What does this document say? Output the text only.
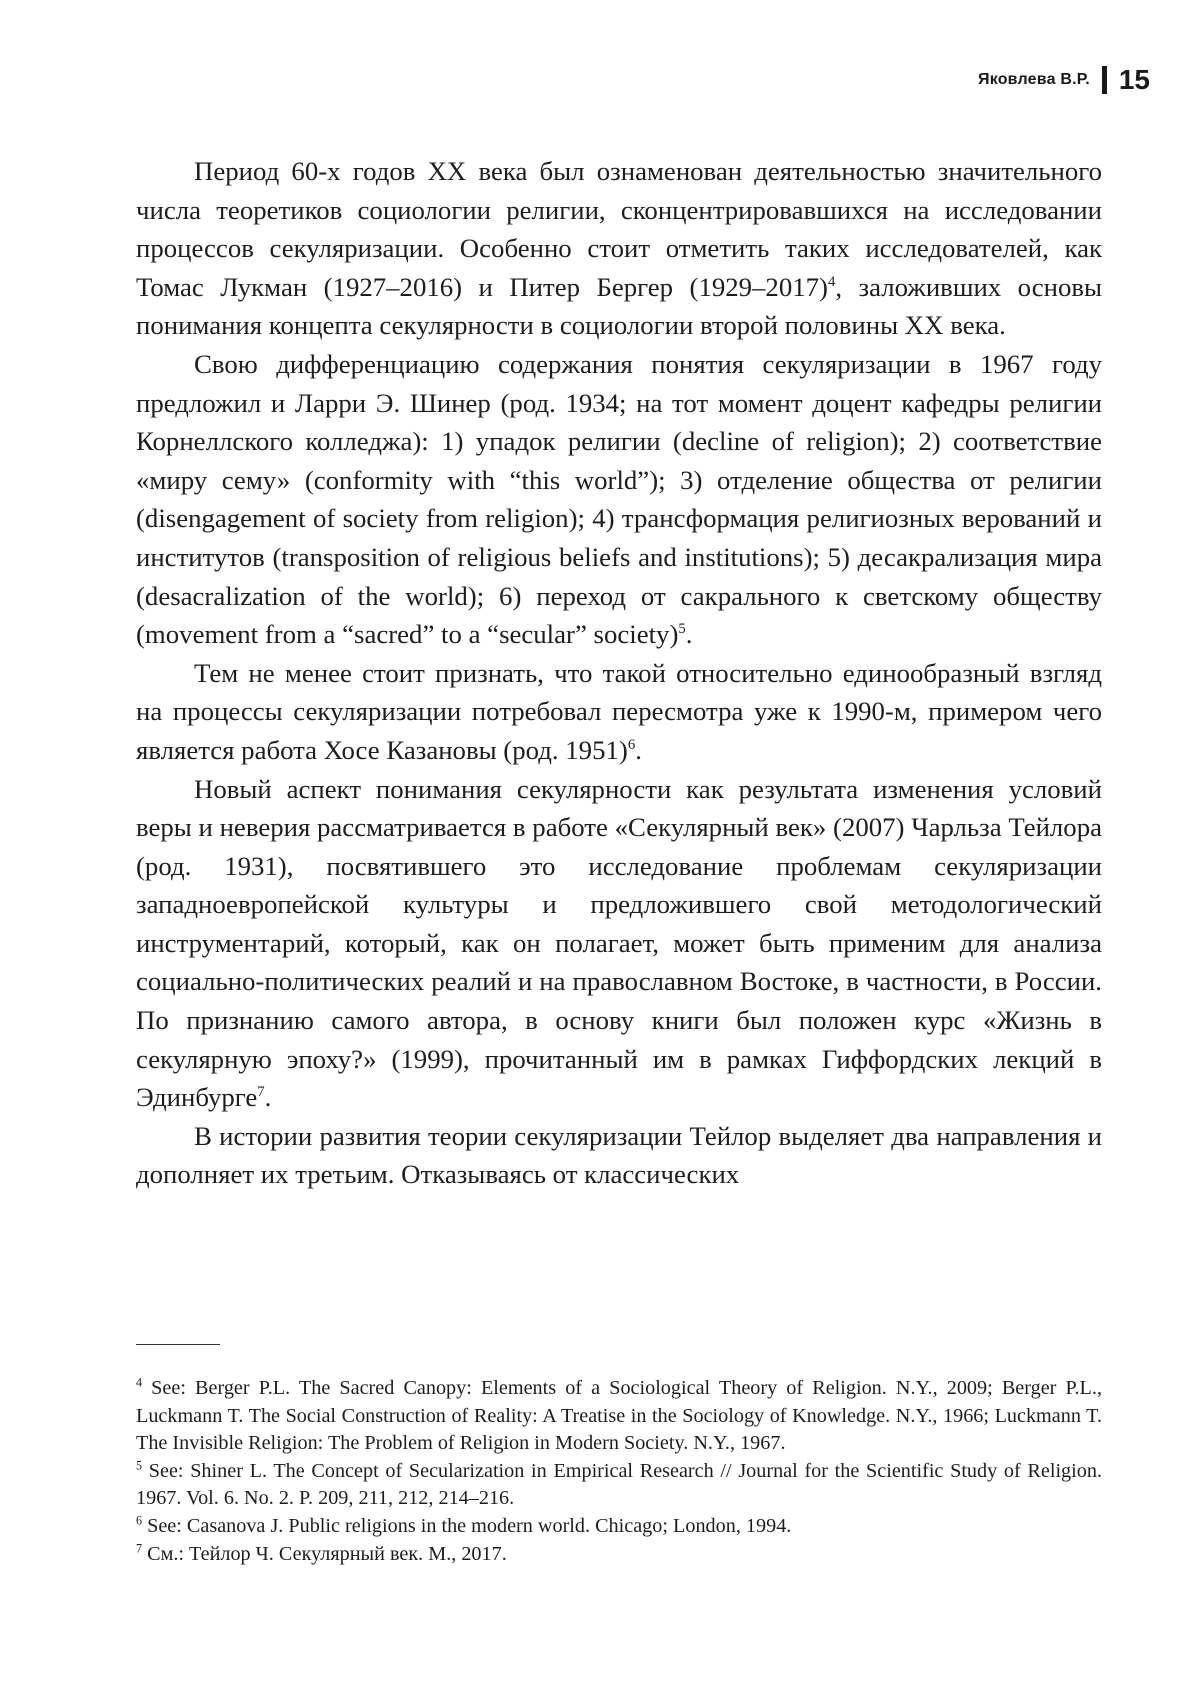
Яковлева В.Р. 15

Период 60-х годов XX века был ознаменован деятельностью значительного числа теоретиков социологии религии, сконцентрировавшихся на исследовании процессов секуляризации. Особенно стоит отметить таких исследователей, как Томас Лукман (1927–2016) и Питер Бергер (1929–2017)$^4$, заложивших основы понимания концепта секулярности в социологии второй половины XX века.

Свою дифференциацию содержания понятия секуляризации в 1967 году предложил и Ларри Э. Шинер (род. 1934; на тот момент доцент кафедры религии Корнеллского колледжа): 1) упадок религии (decline of religion); 2) соответствие «миру сему» (conformity with “this world”); 3) отделение общества от религии (disengagement of society from religion); 4) трансформация религиозных верований и институтов (transposition of religious beliefs and institutions); 5) десакрализация мира (desacralization of the world); 6) переход от сакрального к светскому обществу (movement from a “sacred” to a “secular” society)$^5$.

Тем не менее стоит признать, что такой относительно единообразный взгляд на процессы секуляризации потребовал пересмотра уже к 1990-м, примером чего является работа Хосе Казановы (род. 1951)$^6$.

Новый аспект понимания секулярности как результата изменения условий веры и неверия рассматривается в работе «Секулярный век» (2007) Чарльза Тейлора (род. 1931), посвятившего это исследование проблемам секуляризации западноевропейской культуры и предложившего свой методологический инструментарий, который, как он полагает, может быть применим для анализа социально-политических реалий и на православном Востоке, в частности, в России. По признанию самого автора, в основу книги был положен курс «Жизнь в секулярную эпоху?» (1999), прочитанный им в рамках Гиффордских лекций в Эдинбурге$^7$.

В истории развития теории секуляризации Тейлор выделяет два направления и дополняет их третьим. Отказываясь от классических

$^4$ See: Berger P.L. The Sacred Canopy: Elements of a Sociological Theory of Religion. N.Y., 2009; Berger P.L., Luckmann T. The Social Construction of Reality: A Treatise in the Sociology of Knowledge. N.Y., 1966; Luckmann T. The Invisible Religion: The Problem of Religion in Modern Society. N.Y., 1967.

$^5$ See: Shiner L. The Concept of Secularization in Empirical Research // Journal for the Scientific Study of Religion. 1967. Vol. 6. No. 2. P. 209, 211, 212, 214–216.

$^6$ See: Casanova J. Public religions in the modern world. Chicago; London, 1994.

$^7$ См.: Тейлор Ч. Секулярный век. М., 2017.
